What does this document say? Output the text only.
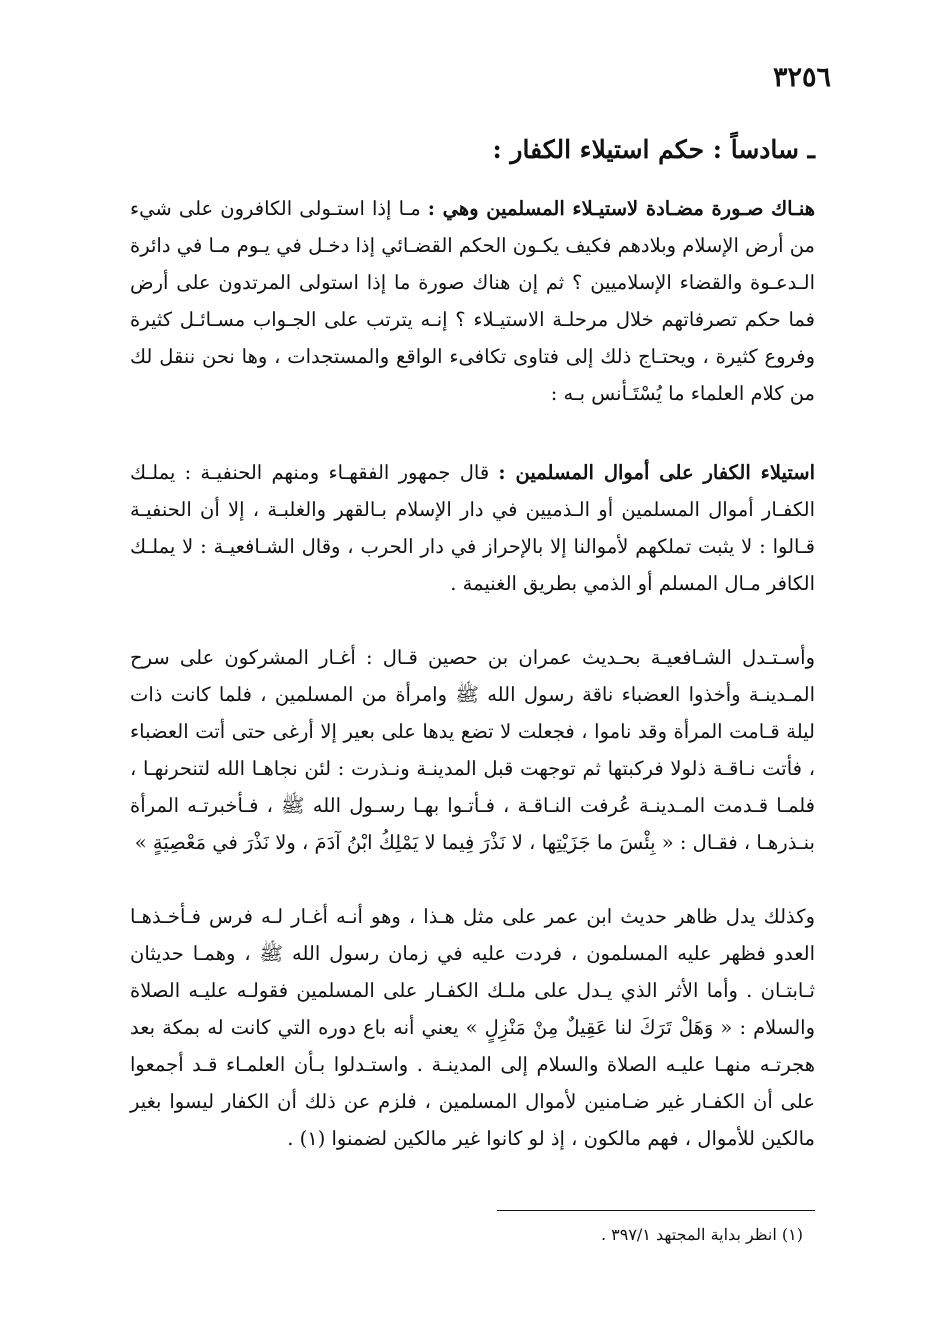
٣٢٥٦
ـ سادساً : حكم استيلاء الكفار :

هنـاك صـورة مضـادة لاستيـلاء المسلمين وهي : مـا إذا استـولى الكافرون على شيء من أرض الإسلام وبلادهم فكيف يكـون الحكم القضـائي إذا دخـل في يـوم مـا في دائرة الـدعـوة والقضاء الإسلاميين ؟ ثم إن هناك صورة ما إذا استولى المرتدون على أرض فما حكم تصرفاتهم خلال مرحلـة الاستيـلاء ؟ إنـه يترتب على الجـواب مسـائـل كثيرة وفروع كثيرة ، ويحتـاج ذلك إلى فتاوى تكافىء الواقع والمستجدات ، وها نحن ننقل لك من كلام العلماء ما يُسْتَـأنس بـه :

استيلاء الكفار على أموال المسلمين : قال جمهور الفقهـاء ومنهم الحنفيـة : يملـك الكفـار أموال المسلمين أو الـذميين في دار الإسلام بـالقهر والغلبـة ، إلا أن الحنفيـة قـالوا : لا يثبت تملكهم لأموالنا إلا بالإحراز في دار الحرب ، وقال الشـافعيـة : لا يملـك الكافر مـال المسلم أو الذمي بطريق الغنيمة .

وأسـتـدل الشـافعيـة بحـديث عمران بن حصين قـال : أغـار المشركون على سرح المـدينـة وأخذوا العضباء ناقة رسول الله ﷺ وامرأة من المسلمين ، فلما كانت ذات ليلة قـامت المرأة وقد ناموا ، فجعلت لا تضع يدها على بعير إلا أرغى حتى أتت العضباء ، فأتت نـاقـة ذلولا فركبتها ثم توجهت قبل المدينـة ونـذرت : لئن نجاهـا الله لتنحرنهـا ، فلمـا قـدمت المـدينـة عُرفت النـاقـة ، فـأتـوا بهـا رسـول الله ﷺ ، فـأخبرتـه المرأة بنـذرهـا ، فقـال : « بِئْسَ ما جَزَيْتِها ، لا نَذْرَ فِيما لا يَمْلِكُ ابْنُ آدَمَ ، ولا نَذْرَ في مَعْصِيَةٍ »

وكذلك يدل ظاهر حديث ابن عمر على مثل هـذا ، وهو أنـه أغـار لـه فرس فـأخـذهـا العدو فظهر عليه المسلمون ، فردت عليه في زمان رسول الله ﷺ ، وهمـا حديثان ثـابتـان . وأما الأثر الذي يـدل على ملـك الكفـار على المسلمين فقولـه عليـه الصلاة والسلام : « وَهَلْ تَرَكَ لنا عَقِيلٌ مِنْ مَنْزِلٍ » يعني أنه باع دوره التي كانت له بمكة بعد هجرتـه منهـا عليـه الصلاة والسلام إلى المدينـة . واستـدلوا بـأن العلمـاء قـد أجمعوا على أن الكفـار غير ضـامنين لأموال المسلمين ، فلزم عن ذلك أن الكفار ليسوا بغير مالكين للأموال ، فهم مالكون ، إذ لو كانوا غير مالكين لضمنوا (١) .

(١) انظر بداية المجتهد ٣٩٧/١ .
